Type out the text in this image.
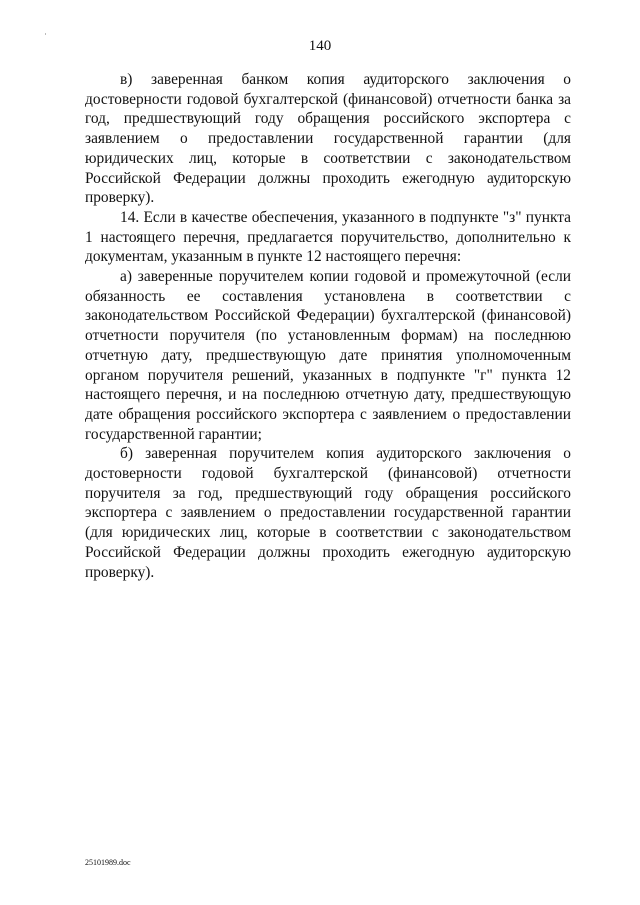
140

в) заверенная банком копия аудиторского заключения о достоверности годовой бухгалтерской (финансовой) отчетности банка за год, предшествующий году обращения российского экспортера с заявлением о предоставлении государственной гарантии (для юридических лиц, которые в соответствии с законодательством Российской Федерации должны проходить ежегодную аудиторскую проверку).

14. Если в качестве обеспечения, указанного в подпункте "з" пункта 1 настоящего перечня, предлагается поручительство, дополнительно к документам, указанным в пункте 12 настоящего перечня:

а) заверенные поручителем копии годовой и промежуточной (если обязанность ее составления установлена в соответствии с законодательством Российской Федерации) бухгалтерской (финансовой) отчетности поручителя (по установленным формам) на последнюю отчетную дату, предшествующую дате принятия уполномоченным органом поручителя решений, указанных в подпункте "г" пункта 12 настоящего перечня, и на последнюю отчетную дату, предшествующую дате обращения российского экспортера с заявлением о предоставлении государственной гарантии;

б) заверенная поручителем копия аудиторского заключения о достоверности годовой бухгалтерской (финансовой) отчетности поручителя за год, предшествующий году обращения российского экспортера с заявлением о предоставлении государственной гарантии (для юридических лиц, которые в соответствии с законодательством Российской Федерации должны проходить ежегодную аудиторскую проверку).

25101989.doc
